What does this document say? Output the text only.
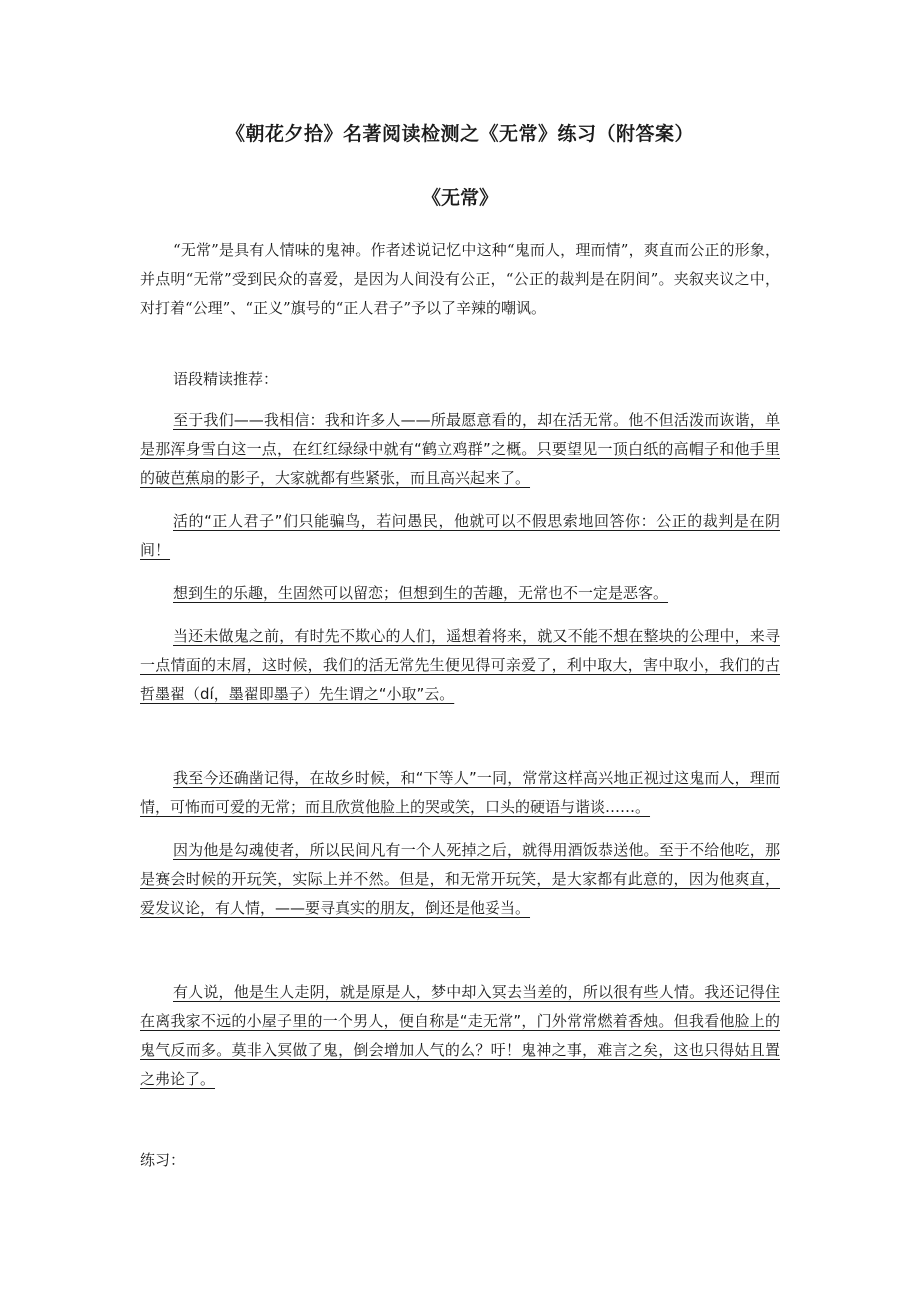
《朝花夕拾》名著阅读检测之《无常》练习（附答案）
《无常》

“无常”是具有人情味的鬼神。作者述说记忆中这种“鬼而人，理而情”，爽直而公正的形象，并点明“无常”受到民众的喜爱，是因为人间没有公正，“公正的裁判是在阴间”。夹叙夹议之中，对打着“公理”、“正义”旗号的“正人君子”予以了辛辣的嘲讽。

语段精读推荐：

至于我们——我相信：我和许多人——所最愿意看的，却在活无常。他不但活泼而诙谐，单是那浑身雪白这一点，在红红绿绿中就有“鹤立鸡群”之概。只要望见一顶白纸的高帽子和他手里的破芭蕉扇的影子，大家就都有些紧张，而且高兴起来了。

活的“正人君子”们只能骗鸟，若问愚民，他就可以不假思索地回答你：公正的裁判是在阴间！

想到生的乐趣，生固然可以留恋；但想到生的苦趣，无常也不一定是恶客。

当还未做鬼之前，有时先不欺心的人们，遥想着将来，就又不能不想在整块的公理中，来寻一点情面的末屑，这时候，我们的活无常先生便见得可亲爱了，利中取大，害中取小，我们的古哲墨翟（dí，墨翟即墨子）先生谓之“小取”云。

我至今还确凿记得，在故乡时候，和“下等人”一同，常常这样高兴地正视过这鬼而人，理而情，可怖而可爱的无常；而且欣赏他脸上的哭或笑，口头的硬语与谐谈……。

因为他是勾魂使者，所以民间凡有一个人死掉之后，就得用酒饭恭送他。至于不给他吃，那是赛会时候的开玩笑，实际上并不然。但是，和无常开玩笑，是大家都有此意的，因为他爽直，爱发议论，有人情，——要寻真实的朋友，倒还是他妥当。

有人说，他是生人走阴，就是原是人，梦中却入冥去当差的，所以很有些人情。我还记得住在离我家不远的小屋子里的一个男人，便自称是“走无常”，门外常常燃着香烛。但我看他脸上的鬼气反而多。莫非入冥做了鬼，倒会增加人气的么？吁！鬼神之事，难言之矣，这也只得姑且置之弗论了。

练习：
